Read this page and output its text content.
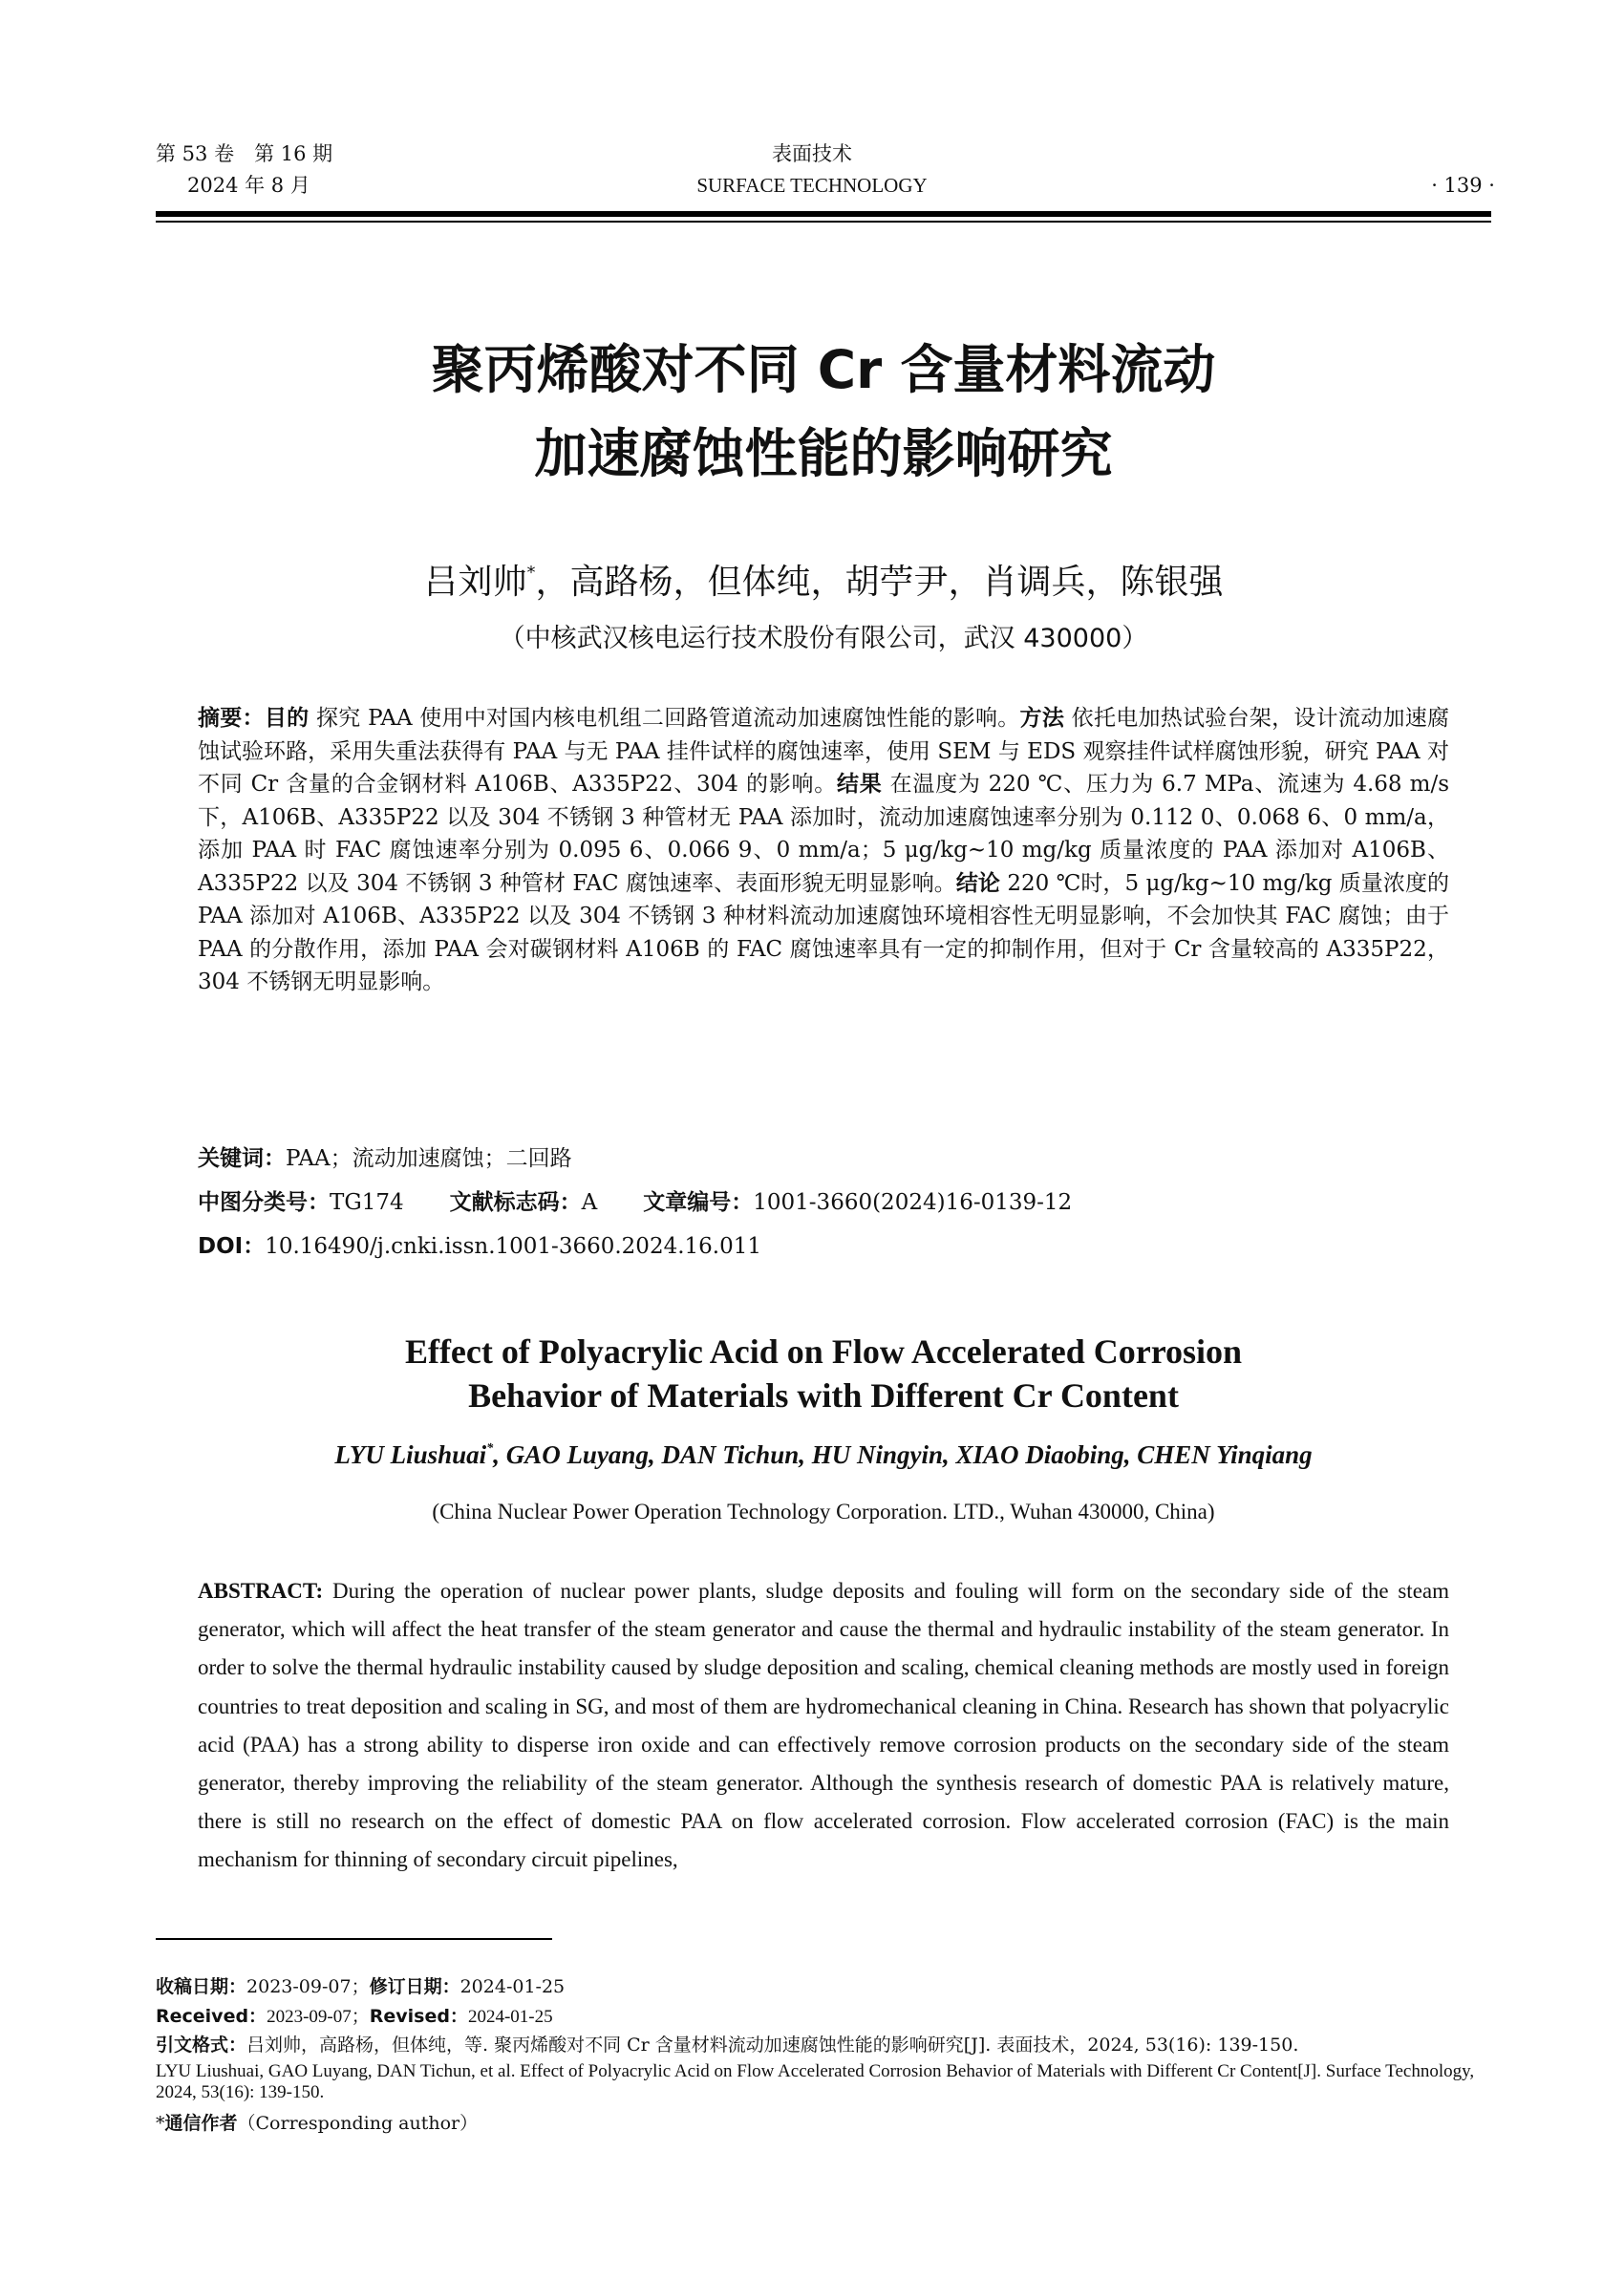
第 53 卷　第 16 期
2024 年 8 月
表面技术
SURFACE TECHNOLOGY	· 139 ·
聚丙烯酸对不同 Cr 含量材料流动
加速腐蚀性能的影响研究
吕刘帅*，高路杨，但体纯，胡苧尹，肖调兵，陈银强
（中核武汉核电运行技术股份有限公司，武汉 430000）
摘要：目的 探究 PAA 使用中对国内核电机组二回路管道流动加速腐蚀性能的影响。方法 依托电加热试验台架，设计流动加速腐蚀试验环路，采用失重法获得有 PAA 与无 PAA 挂件试样的腐蚀速率，使用 SEM 与 EDS 观察挂件试样腐蚀形貌，研究 PAA 对不同 Cr 含量的合金钢材料 A106B、A335P22、304 的影响。结果 在温度为 220 ℃、压力为 6.7 MPa、流速为 4.68 m/s 下，A106B、A335P22 以及 304 不锈钢 3 种管材无 PAA 添加时，流动加速腐蚀速率分别为 0.112 0、0.068 6、0 mm/a，添加 PAA 时 FAC 腐蚀速率分别为 0.095 6、0.066 9、0 mm/a；5 μg/kg~10 mg/kg 质量浓度的 PAA 添加对 A106B、A335P22 以及 304 不锈钢 3 种管材 FAC 腐蚀速率、表面形貌无明显影响。结论 220 ℃时，5 μg/kg~10 mg/kg 质量浓度的 PAA 添加对 A106B、A335P22 以及 304 不锈钢 3 种材料流动加速腐蚀环境相容性无明显影响，不会加快其 FAC 腐蚀；由于 PAA 的分散作用，添加 PAA 会对碳钢材料 A106B 的 FAC 腐蚀速率具有一定的抑制作用，但对于 Cr 含量较高的 A335P22，304 不锈钢无明显影响。
关键词：PAA；流动加速腐蚀；二回路
中图分类号：TG174 文献标志码：A 文章编号：1001-3660(2024)16-0139-12
DOI：10.16490/j.cnki.issn.1001-3660.2024.16.011
Effect of Polyacrylic Acid on Flow Accelerated Corrosion
Behavior of Materials with Different Cr Content
LYU Liushuai*, GAO Luyang, DAN Tichun, HU Ningyin, XIAO Diaobing, CHEN Yinqiang
(China Nuclear Power Operation Technology Corporation. LTD., Wuhan 430000, China)
ABSTRACT: During the operation of nuclear power plants, sludge deposits and fouling will form on the secondary side of the steam generator, which will affect the heat transfer of the steam generator and cause the thermal and hydraulic instability of the steam generator. In order to solve the thermal hydraulic instability caused by sludge deposition and scaling, chemical cleaning methods are mostly used in foreign countries to treat deposition and scaling in SG, and most of them are hydromechanical cleaning in China. Research has shown that polyacrylic acid (PAA) has a strong ability to disperse iron oxide and can effectively remove corrosion products on the secondary side of the steam generator, thereby improving the reliability of the steam generator. Although the synthesis research of domestic PAA is relatively mature, there is still no research on the effect of domestic PAA on flow accelerated corrosion. Flow accelerated corrosion (FAC) is the main mechanism for thinning of secondary circuit pipelines,
收稿日期：2023-09-07；修订日期：2024-01-25
Received：2023-09-07；Revised：2024-01-25
引文格式：吕刘帅，高路杨，但体纯，等. 聚丙烯酸对不同 Cr 含量材料流动加速腐蚀性能的影响研究[J]. 表面技术，2024, 53(16): 139-150.
LYU Liushuai, GAO Luyang, DAN Tichun, et al. Effect of Polyacrylic Acid on Flow Accelerated Corrosion Behavior of Materials with Different Cr Content[J]. Surface Technology, 2024, 53(16): 139-150.
*通信作者（Corresponding author）
